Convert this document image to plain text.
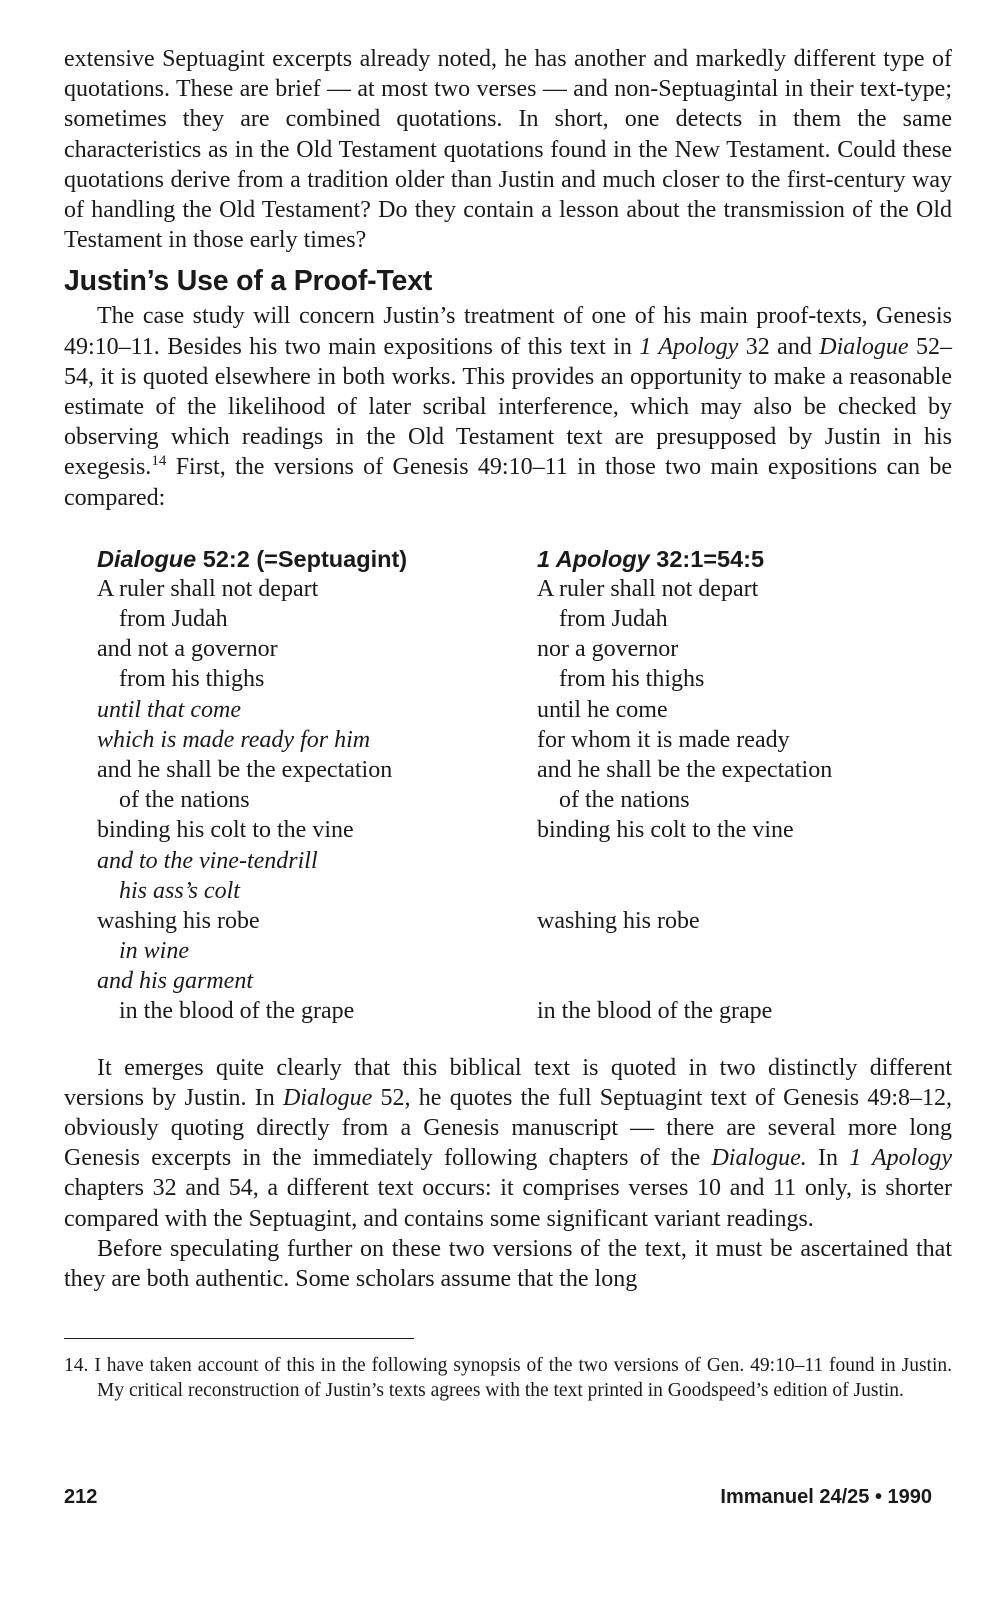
extensive Septuagint excerpts already noted, he has another and markedly different type of quotations. These are brief — at most two verses — and non-Septuagintal in their text-type; sometimes they are combined quotations. In short, one detects in them the same characteristics as in the Old Testament quotations found in the New Testament. Could these quotations derive from a tradition older than Justin and much closer to the first-century way of handling the Old Testament? Do they contain a lesson about the transmission of the Old Testament in those early times?

Justin’s Use of a Proof-Text

The case study will concern Justin’s treatment of one of his main proof-texts, Genesis 49:10–11. Besides his two main expositions of this text in 1 Apology 32 and Dialogue 52–54, it is quoted elsewhere in both works. This provides an opportunity to make a reasonable estimate of the likelihood of later scribal interference, which may also be checked by observing which readings in the Old Testament text are presupposed by Justin in his exegesis.$^{14}$ First, the versions of Genesis 49:10–11 in those two main expositions can be compared:

Dialogue 52:2 (=Septuagint)
A ruler shall not depart
from Judah
and not a governor
from his thighs
until that come
which is made ready for him
and he shall be the expectation
of the nations
binding his colt to the vine
and to the vine-tendrill
his ass’s colt
washing his robe
in wine
and his garment
in the blood of the grape
1 Apology 32:1=54:5
A ruler shall not depart
from Judah
nor a governor
from his thighs
until he come
for whom it is made ready
and he shall be the expectation
of the nations
binding his colt to the vine
washing his robe
in the blood of the grape

It emerges quite clearly that this biblical text is quoted in two distinctly different versions by Justin. In Dialogue 52, he quotes the full Septuagint text of Genesis 49:8–12, obviously quoting directly from a Genesis manuscript — there are several more long Genesis excerpts in the immediately following chapters of the Dialogue. In 1 Apology chapters 32 and 54, a different text occurs: it comprises verses 10 and 11 only, is shorter compared with the Septuagint, and contains some significant variant readings.

Before speculating further on these two versions of the text, it must be ascertained that they are both authentic. Some scholars assume that the long

14. I have taken account of this in the following synopsis of the two versions of Gen. 49:10–11 found in Justin. My critical reconstruction of Justin’s texts agrees with the text printed in Goodspeed’s edition of Justin.

212	Immanuel 24/25 • 1990
